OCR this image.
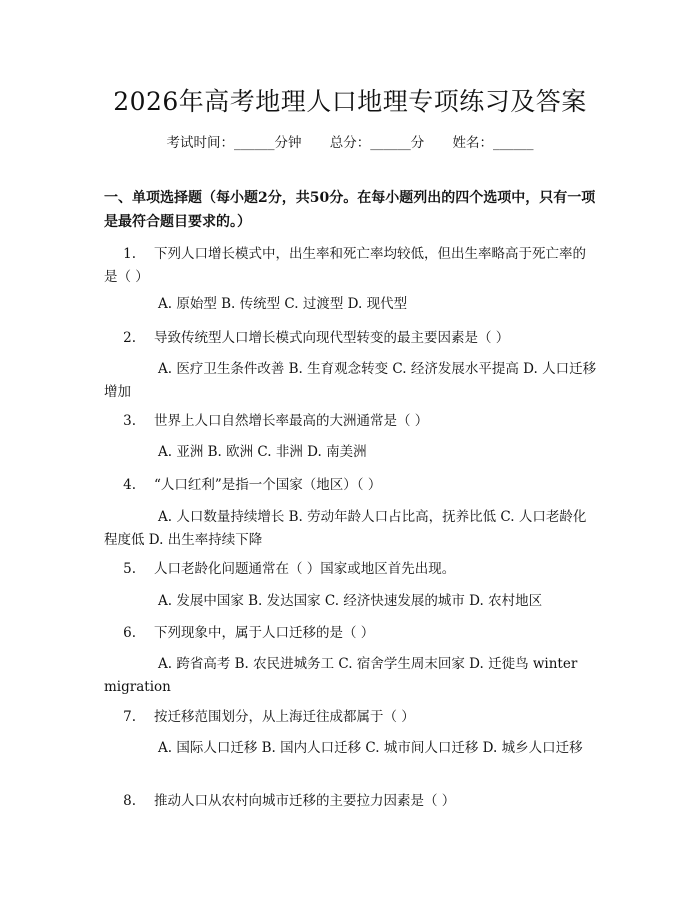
2026年高考地理人口地理专项练习及答案
考试时间：______分钟 总分：______分 姓名：______
一、单项选择题（每小题2分，共50分。在每小题列出的四个选项中，只有一项是最符合题目要求的。）
1. 下列人口增长模式中，出生率和死亡率均较低，但出生率略高于死亡率的是（ ）
A. 原始型 B. 传统型 C. 过渡型 D. 现代型
2. 导致传统型人口增长模式向现代型转变的最主要因素是（ ）
A. 医疗卫生条件改善 B. 生育观念转变 C. 经济发展水平提高 D. 人口迁移增加
3. 世界上人口自然增长率最高的大洲通常是（ ）
A. 亚洲 B. 欧洲 C. 非洲 D. 南美洲
4. “人口红利”是指一个国家（地区）（ ）
A. 人口数量持续增长 B. 劳动年龄人口占比高，抚养比低 C. 人口老龄化程度低 D. 出生率持续下降
5. 人口老龄化问题通常在（ ）国家或地区首先出现。
A. 发展中国家 B. 发达国家 C. 经济快速发展的城市 D. 农村地区
6. 下列现象中，属于人口迁移的是（ ）
A. 跨省高考 B. 农民进城务工 C. 宿舍学生周末回家 D. 迁徙鸟 winter migration
7. 按迁移范围划分，从上海迁往成都属于（ ）
A. 国际人口迁移 B. 国内人口迁移 C. 城市间人口迁移 D. 城乡人口迁移
8. 推动人口从农村向城市迁移的主要拉力因素是（ ）
